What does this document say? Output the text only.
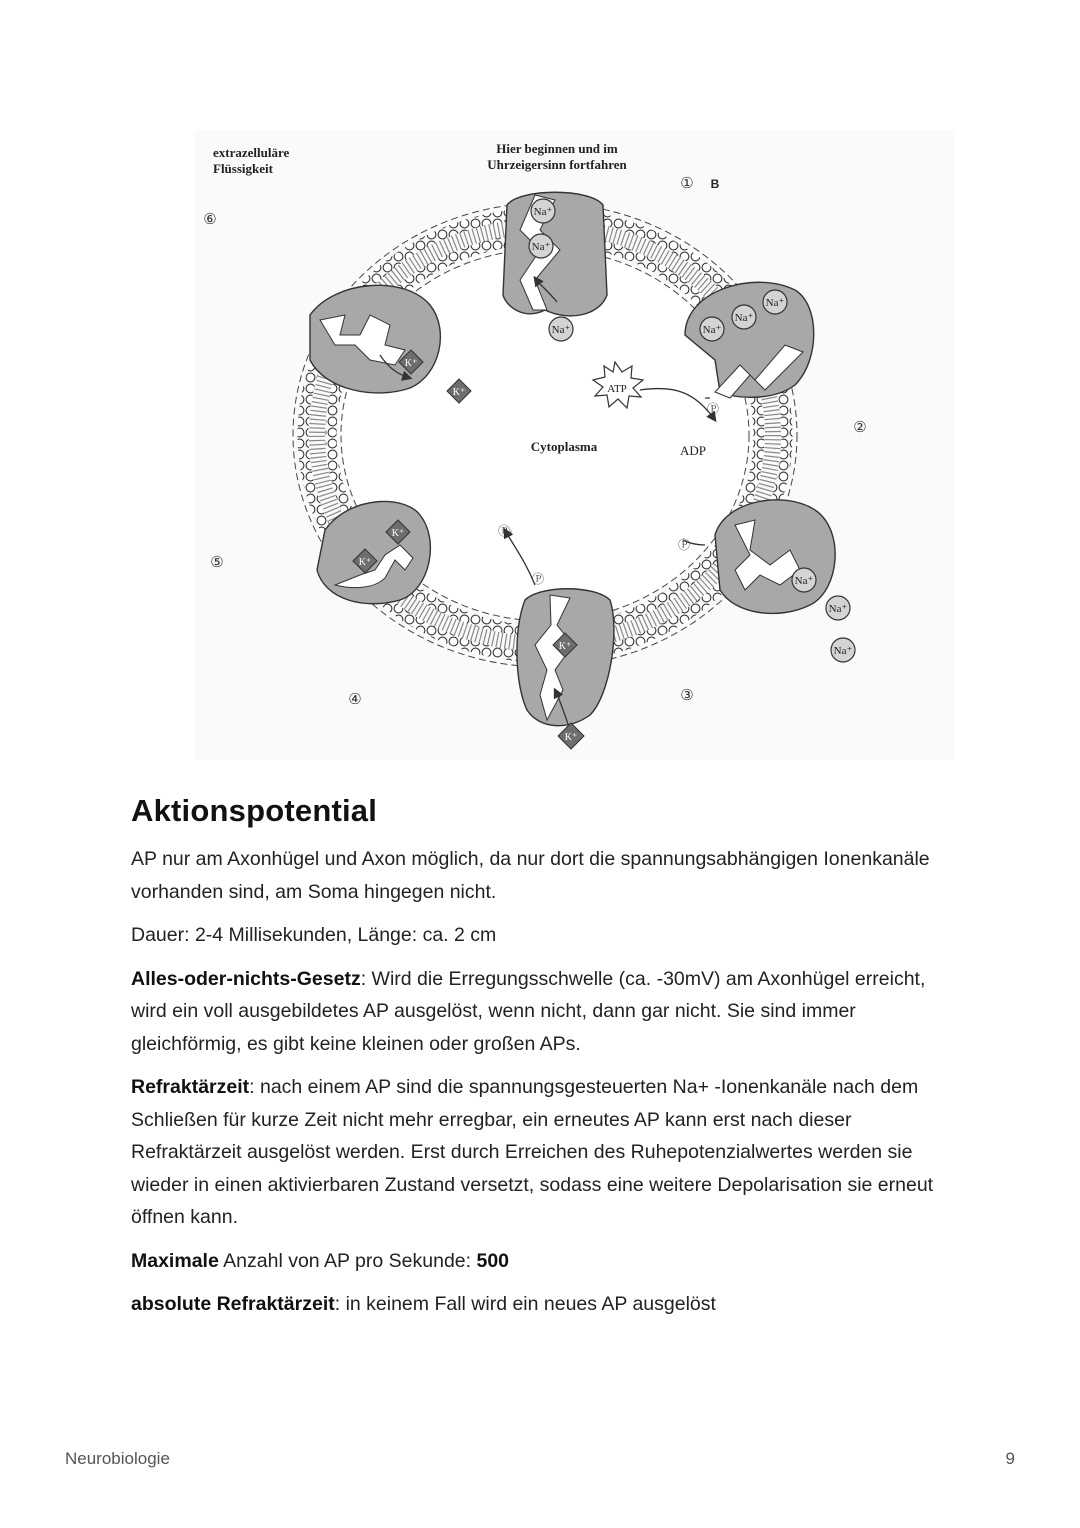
extrazelluläre
Flüssigkeit
Hier beginnen und im
Uhrzeigersinn fortfahren
① B
②
③
④
⑤
⑥
Cytoplasma
ATP
ADP
Na⁺
Na⁺
Na⁺	Na⁺
Na⁺
Na⁺
Na⁺
Na⁺
Na⁺
K⁺
K⁺
K⁺
K⁺
K⁺
K⁺
Ⓟ
Ⓟ
Ⓟ
Ⓟᵢ
Aktionspotential

AP nur am Axonhügel und Axon möglich, da nur dort die spannungsabhängigen Ionenkanäle vorhanden sind, am Soma hingegen nicht.

Dauer: 2-4 Millisekunden, Länge: ca. 2 cm

Alles-oder-nichts-Gesetz: Wird die Erregungsschwelle (ca. -30mV) am Axonhügel erreicht, wird ein voll ausgebildetes AP ausgelöst, wenn nicht, dann gar nicht. Sie sind immer gleichförmig, es gibt keine kleinen oder großen APs.

Refraktärzeit: nach einem AP sind die spannungsgesteuerten Na+ -Ionenkanäle nach dem Schließen für kurze Zeit nicht mehr erregbar, ein erneutes AP kann erst nach dieser Refraktärzeit ausgelöst werden. Erst durch Erreichen des Ruhepotenzialwertes werden sie wieder in einen aktivierbaren Zustand versetzt, sodass eine weitere Depolarisation sie erneut öffnen kann.

Maximale Anzahl von AP pro Sekunde: 500

absolute Refraktärzeit: in keinem Fall wird ein neues AP ausgelöst

Neurobiologie	9
